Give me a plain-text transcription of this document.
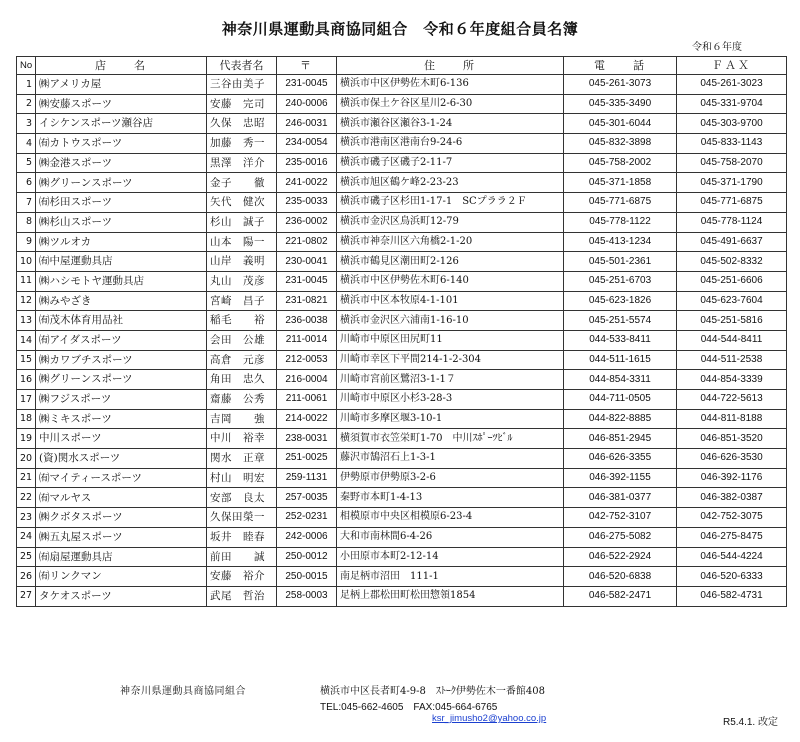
神奈川県運動具商協同組合　令和６年度組合員名簿
令和６年度
No	店　　名	代表者名	〒	住　　所	電　　話	ＦＡＸ
1	㈱アメリカ屋	三谷由美子	231-0045	横浜市中区伊勢佐木町6-136	045-261-3073	045-261-3023
2	㈱安藤スポーツ	安藤　完司	240-0006	横浜市保土ケ谷区星川2-6-30	045-335-3490	045-331-9704
3	イシケンスポーツ瀬谷店	久保　忠昭	246-0031	横浜市瀬谷区瀬谷3-1-24	045-301-6044	045-303-9700
4	㈲カトウスポーツ	加藤　秀一	234-0054	横浜市港南区港南台9-24-6	045-832-3898	045-833-1143
5	㈱金港スポーツ	黒澤　洋介	235-0016	横浜市磯子区磯子2-11-7	045-758-2002	045-758-2070
6	㈱グリーンスポーツ	金子　　徹	241-0022	横浜市旭区鶴ケ峰2-23-23	045-371-1858	045-371-1790
7	㈲杉田スポーツ	矢代　健次	235-0033	横浜市磯子区杉田1-17-1　SCプララ２Ｆ	045-771-6875	045-771-6875
8	㈱杉山スポーツ	杉山　誠子	236-0002	横浜市金沢区鳥浜町12-79	045-778-1122	045-778-1124
9	㈱ツルオカ	山本　陽一	221-0802	横浜市神奈川区六角橋2-1-20	045-413-1234	045-491-6637
10	㈲中屋運動具店	山岸　義明	230-0041	横浜市鶴見区潮田町2-126	045-501-2361	045-502-8332
11	㈱ハシモトヤ運動具店	丸山　茂彦	231-0045	横浜市中区伊勢佐木町6-140	045-251-6703	045-251-6606
12	㈱みやざき	宮崎　昌子	231-0821	横浜市中区本牧原4-1-101	045-623-1826	045-623-7604
13	㈲茂木体育用品社	稲毛　　裕	236-0038	横浜市金沢区六浦南1-16-10	045-251-5574	045-251-5816
14	㈲アイダスポーツ	会田　公雄	211-0014	川崎市中原区田尻町11	044-533-8411	044-544-8411
15	㈱カワブチスポーツ	高倉　元彦	212-0053	川崎市幸区下平間214-1-2-304	044-511-1615	044-511-2538
16	㈱グリーンスポーツ	角田　忠久	216-0004	川崎市宮前区鷺沼3-1-1７	044-854-3311	044-854-3339
17	㈱フジスポーツ	齋藤　公秀	211-0061	川崎市中原区小杉3-28-3	044-711-0505	044-722-5613
18	㈱ミキスポーツ	吉岡　　強	214-0022	川崎市多摩区堰3-10-1	044-822-8885	044-811-8188
19	中川スポーツ	中川　裕幸	238-0031	横須賀市衣笠栄町1-70　中川ｽﾎﾟｰﾂﾋﾞﾙ	046-851-2945	046-851-3520
20	(資)関水スポーツ	関水　正章	251-0025	藤沢市鵠沼石上1-3-1	046-626-3355	046-626-3530
21	㈲マイティースポーツ	村山　明宏	259-1131	伊勢原市伊勢原3-2-6	046-392-1155	046-392-1176
22	㈲マルヤス	安部　良太	257-0035	秦野市本町1-4-13	046-381-0377	046-382-0387
23	㈱クボタスポーツ	久保田榮一	252-0231	相模原市中央区相模原6-23-4	042-752-3107	042-752-3075
24	㈱五丸屋スポーツ	坂井　睦春	242-0006	大和市南林間6-4-26	046-275-5082	046-275-8475
25	㈲扇屋運動具店	前田　　誠	250-0012	小田原市本町2-12-14	046-522-2924	046-544-4224
26	㈲リンクマン	安藤　裕介	250-0015	南足柄市沼田　111-1	046-520-6838	046-520-6333
27	タケオスポーツ	武尾　哲治	258-0003	足柄上郡松田町松田惣領1854	046-582-2471	046-582-4731
神奈川県運動具商協同組合	横浜市中区長者町4-9-8　ｽﾄｰｸ伊勢佐木一番館408
TEL:045-662-4605　FAX:045-664-6765
ksr_jimusho2@yahoo.co.jp	R5.4.1. 改定
